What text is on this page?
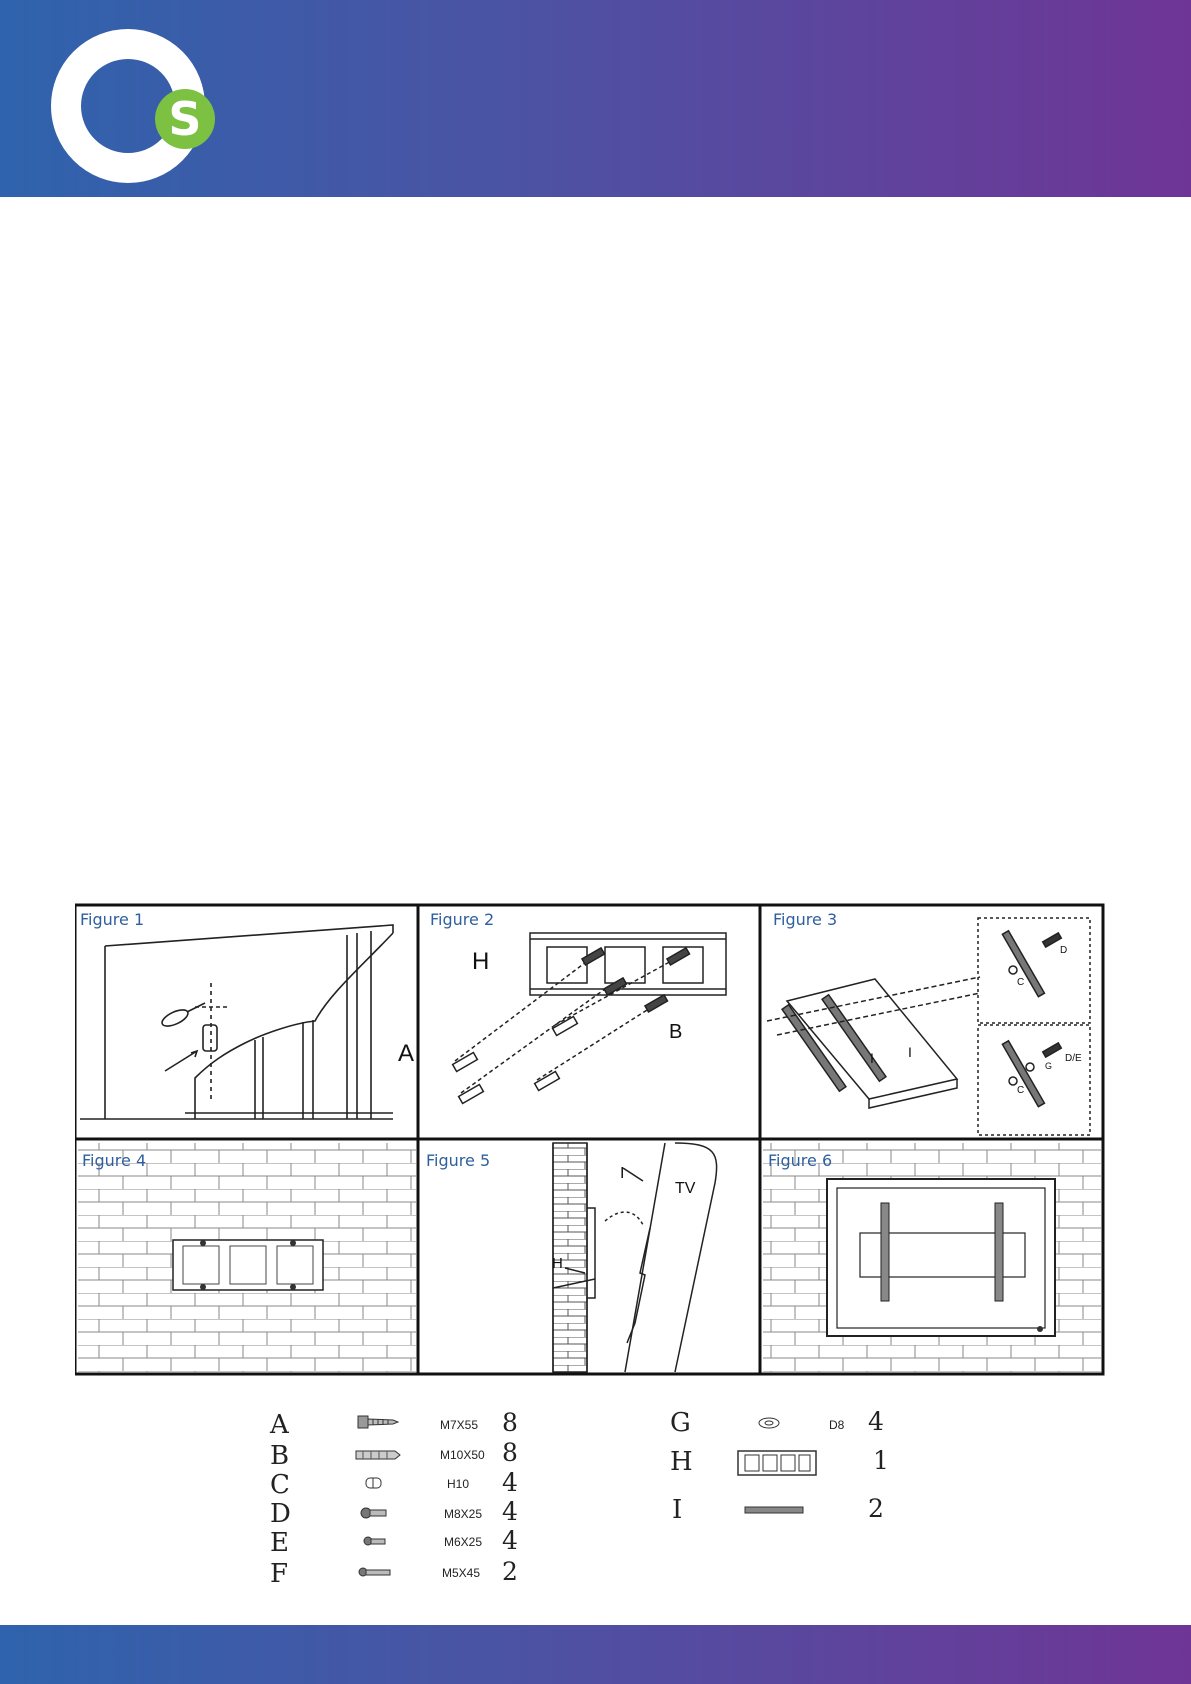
S
H
A
B
D
C
I I	D/E
G
C
I
TV
H
Figure 1	Figure 2	Figure 3
Figure 4	Figure 5	Figure 6
A	M7X55 8
B	M10X50 8
C	H10 4
D	M8X25 4
E	M6X25 4
F	M5X45 2
G	D8 4
H	1
I	2
